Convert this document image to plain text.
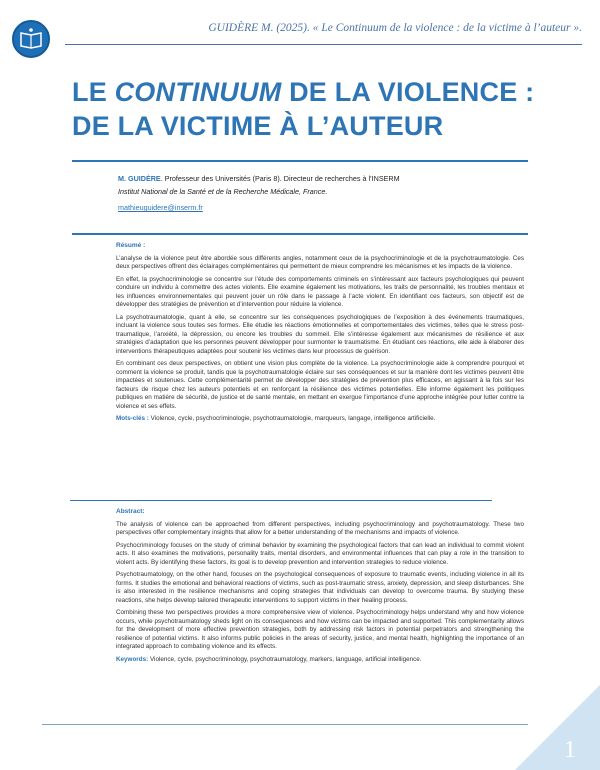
GUIDÈRE M. (2025). « Le Continuum de la violence : de la victime à l’auteur ».
LE CONTINUUM DE LA VIOLENCE :
DE LA VICTIME À L’AUTEUR
M. GUIDÈRE. Professeur des Universités (Paris 8). Directeur de recherches à l’INSERM
Institut National de la Santé et de la Recherche Médicale, France.
mathieuguidere@inserm.fr
Résumé :

L’analyse de la violence peut être abordée sous différents angles, notamment ceux de la psychocriminologie et de la psychotraumatologie. Ces deux perspectives offrent des éclairages complémentaires qui permettent de mieux comprendre les mécanismes et les impacts de la violence.

En effet, la psychocriminologie se concentre sur l’étude des comportements criminels en s’intéressant aux facteurs psychologiques qui peuvent conduire un individu à commettre des actes violents. Elle examine également les motivations, les traits de personnalité, les troubles mentaux et les influences environnementales qui peuvent jouer un rôle dans le passage à l’acte violent. En identifiant ces facteurs, son objectif est de développer des stratégies de prévention et d’intervention pour réduire la violence.

La psychotraumatologie, quant à elle, se concentre sur les conséquences psychologiques de l’exposition à des événements traumatiques, incluant la violence sous toutes ses formes. Elle étudie les réactions émotionnelles et comportementales des victimes, telles que le stress post-traumatique, l’anxiété, la dépression, ou encore les troubles du sommeil. Elle s’intéresse également aux mécanismes de résilience et aux stratégies d’adaptation que les personnes peuvent développer pour surmonter le traumatisme. En étudiant ces réactions, elle aide à élaborer des interventions thérapeutiques adaptées pour soutenir les victimes dans leur processus de guérison.

En combinant ces deux perspectives, on obtient une vision plus complète de la violence. La psychocriminologie aide à comprendre pourquoi et comment la violence se produit, tandis que la psychotraumatologie éclaire sur ses conséquences et sur la manière dont les victimes peuvent être impactées et soutenues. Cette complémentarité permet de développer des stratégies de prévention plus efficaces, en agissant à la fois sur les facteurs de risque chez les auteurs potentiels et en renforçant la résilience des victimes potentielles. Elle informe également les politiques publiques en matière de sécurité, de justice et de santé mentale, en mettant en exergue l’importance d’une approche intégrée pour lutter contre la violence et ses effets.

Mots-clés : Violence, cycle, psychocriminologie, psychotraumatologie, marqueurs, langage, intelligence artificielle.

Abstract:

The analysis of violence can be approached from different perspectives, including psychocriminology and psychotraumatology. These two perspectives offer complementary insights that allow for a better understanding of the mechanisms and impacts of violence.

Psychocriminology focuses on the study of criminal behavior by examining the psychological factors that can lead an individual to commit violent acts. It also examines the motivations, personality traits, mental disorders, and environmental influences that can play a role in the transition to violent acts. By identifying these factors, its goal is to develop prevention and intervention strategies to reduce violence.

Psychotraumatology, on the other hand, focuses on the psychological consequences of exposure to traumatic events, including violence in all its forms. It studies the emotional and behavioral reactions of victims, such as post-traumatic stress, anxiety, depression, and sleep disturbances. She is also interested in the resilience mechanisms and coping strategies that individuals can develop to overcome trauma. By studying these reactions, she helps develop tailored therapeutic interventions to support victims in their healing process.

Combining these two perspectives provides a more comprehensive view of violence. Psychocriminology helps understand why and how violence occurs, while psychotraumatology sheds light on its consequences and how victims can be impacted and supported. This complementarity allows for the development of more effective prevention strategies, both by addressing risk factors in potential perpetrators and strengthening the resilience of potential victims. It also informs public policies in the areas of security, justice, and mental health, highlighting the importance of an integrated approach to combating violence and its effects.

Keywords: Violence, cycle, psychocriminology, psychotraumatology, markers, language, artificial intelligence.

1
